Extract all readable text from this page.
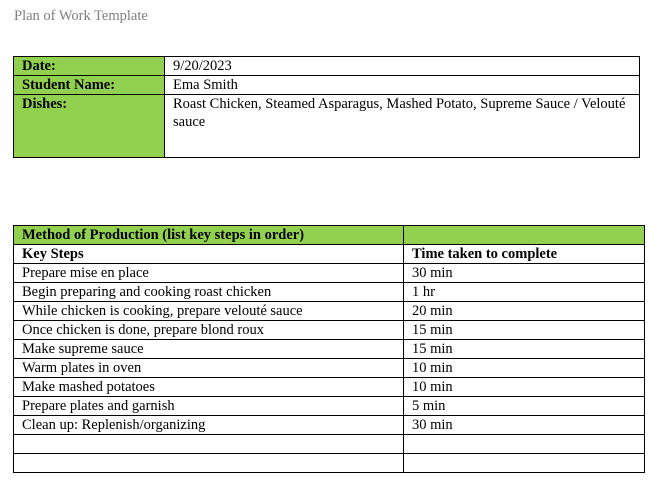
Plan of Work Template
Date:	9/20/2023
Student Name:	Ema Smith
Dishes:	Roast Chicken, Steamed Asparagus, Mashed Potato, Supreme Sauce / Velouté sauce
Method of Production (list key steps in order)	
Key Steps	Time taken to complete
Prepare mise en place	30 min
Begin preparing and cooking roast chicken	1 hr
While chicken is cooking, prepare velouté sauce	20 min
Once chicken is done, prepare blond roux	15 min
Make supreme sauce	15 min
Warm plates in oven	10 min
Make mashed potatoes	10 min
Prepare plates and garnish	5 min
Clean up: Replenish/organizing	30 min
